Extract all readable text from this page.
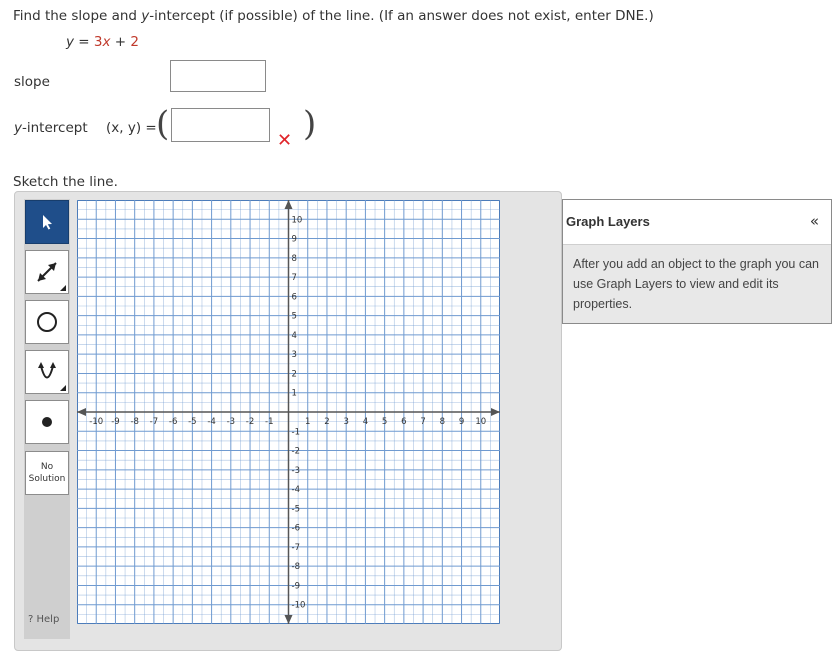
Find the slope and y-intercept (if possible) of the line. (If an answer does not exist, enter DNE.)
y = 3x + 2
slope
y-intercept (x, y) = (	✕ )
Sketch the line.
No
Solution
? Help
-10 -9 -8 -7 -6 -5 -4 -3 -2 -1	1 2 3 4 5 6 7 8 9 10
10
9
8
7
6
5
4
3
2
1
-1
-2
-3
-4
-5
-6
-7
-8
-9
-10
Graph Layers	«
After you add an object to the graph you can use Graph Layers to view and edit its properties.
